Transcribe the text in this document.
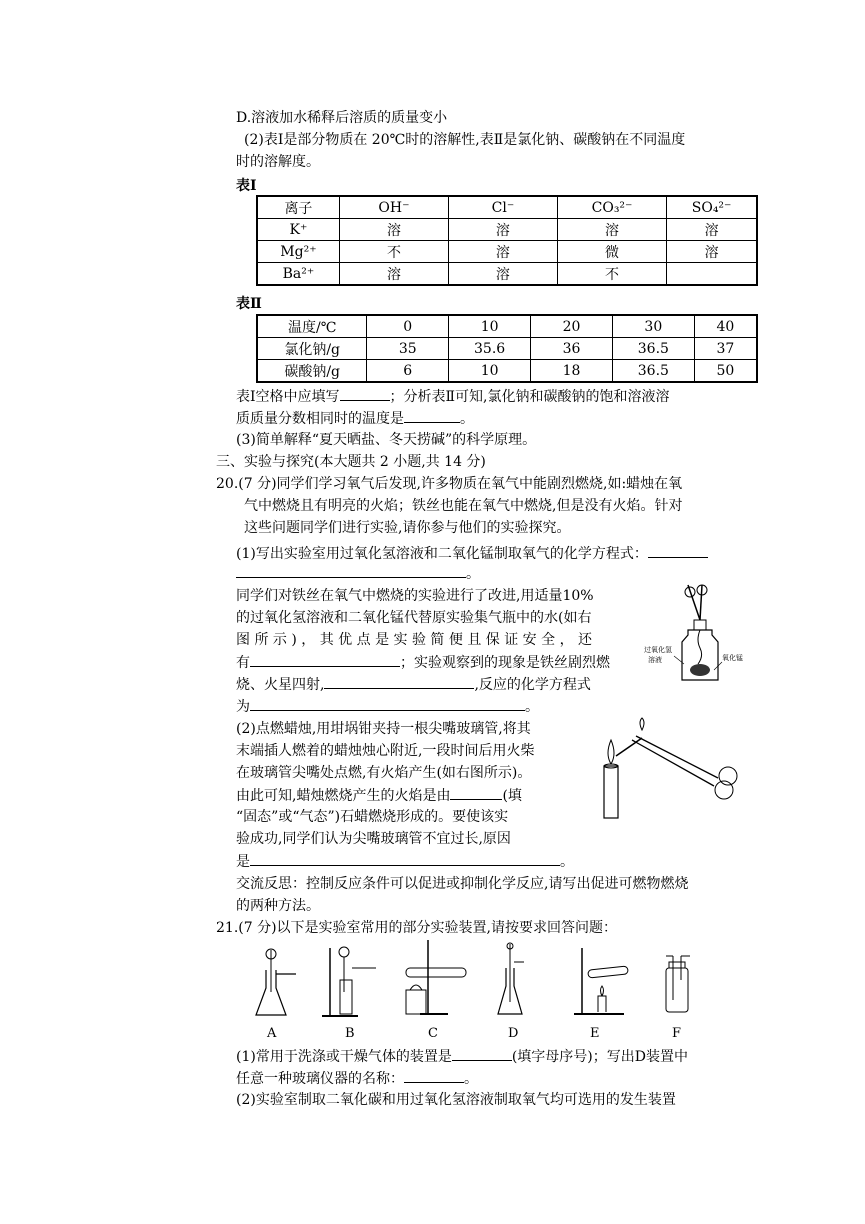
D.溶液加水稀释后溶质的质量变小
(2)表Ⅰ是部分物质在 20℃时的溶解性,表Ⅱ是氯化钠、碳酸钠在不同温度
时的溶解度。
表Ⅰ
离子	OH⁻	Cl⁻	CO₃²⁻	SO₄²⁻
K⁺	溶	溶	溶	溶
Mg²⁺	不	溶	微	溶
Ba²⁺	溶	溶	不	
表Ⅱ
温度/℃	0	10	20	30	40
氯化钠/g	35	35.6	36	36.5	37
碳酸钠/g	6	10	18	36.5	50
表Ⅰ空格中应填写	；分析表Ⅱ可知,氯化钠和碳酸钠的饱和溶液溶
质质量分数相同时的温度是	。
(3)简单解释“夏天晒盐、冬天捞碱”的科学原理。
三、实验与探究(本大题共 2 小题,共 14 分)
20.(7 分)同学们学习氧气后发现,许多物质在氧气中能剧烈燃烧,如:蜡烛在氧
气中燃烧且有明亮的火焰；铁丝也能在氧气中燃烧,但是没有火焰。针对
这些问题同学们进行实验,请你参与他们的实验探究。
(1)写出实验室用过氧化氢溶液和二氧化锰制取氧气的化学方程式：
。
同学们对铁丝在氧气中燃烧的实验进行了改进,用适量10%
的过氧化氢溶液和二氧化锰代替原实验集气瓶中的水(如右
图 所 示 ) ， 其 优 点 是 实 验 简 便 且 保 证 安 全 ， 还
有	；实验观察到的现象是铁丝剧烈燃
烧、火星四射,	,反应的化学方程式
为	。
过氧化氢
溶液	氧化锰
(2)点燃蜡烛,用坩埚钳夹持一根尖嘴玻璃管,将其
末端插人燃着的蜡烛烛心附近,一段时间后用火柴
在玻璃管尖嘴处点燃,有火焰产生(如右图所示)。
由此可知,蜡烛燃烧产生的火焰是由	(填
“固态”或“气态”)石蜡燃烧形成的。要使该实
验成功,同学们认为尖嘴玻璃管不宜过长,原因
是	。
交流反思：控制反应条件可以促进或抑制化学反应,请写出促进可燃物燃烧
的两种方法。
21.(7 分)以下是实验室常用的部分实验装置,请按要求回答问题：
A	B	C	D	E	F
(1)常用于洗涤或干燥气体的装置是	(填字母序号)；写出D装置中
任意一种玻璃仪器的名称：	。
(2)实验室制取二氧化碳和用过氧化氢溶液制取氧气均可选用的发生装置
